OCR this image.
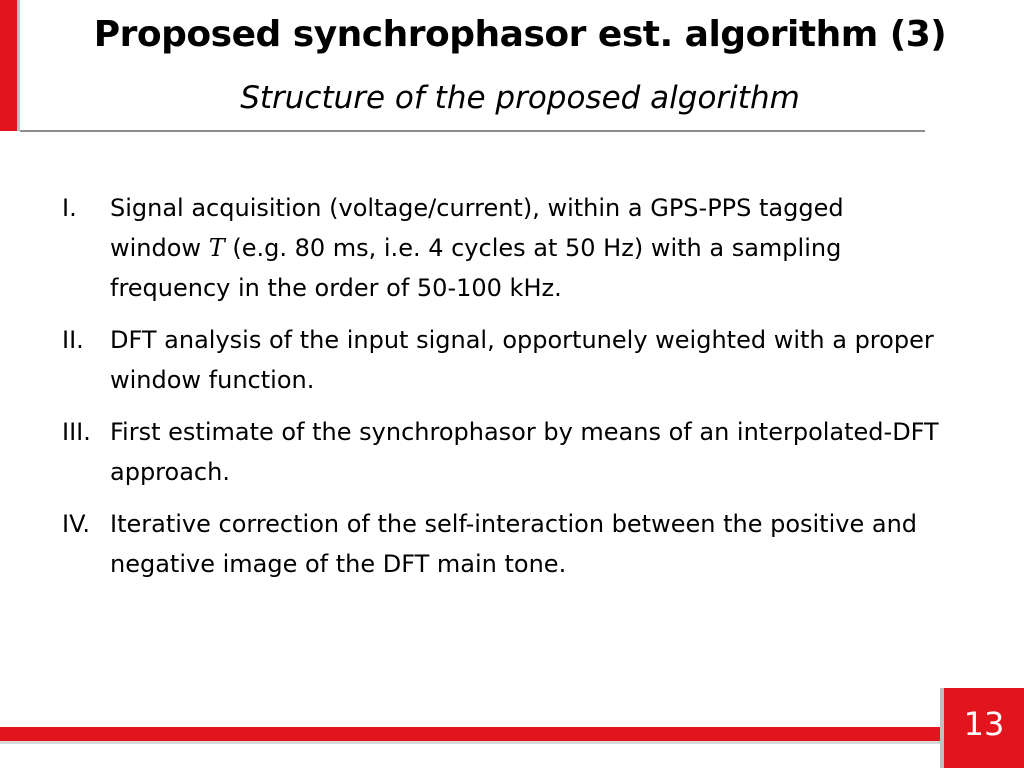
Proposed synchrophasor est. algorithm (3)
Structure of the proposed algorithm
I. Signal acquisition (voltage/current), within a GPS-PPS tagged window T (e.g. 80 ms, i.e. 4 cycles at 50 Hz) with a sampling frequency in the order of 50-100 kHz.
II. DFT analysis of the input signal, opportunely weighted with a proper window function.
III. First estimate of the synchrophasor by means of an interpolated-DFT approach.
IV. Iterative correction of the self-interaction between the positive and negative image of the DFT main tone.
13
